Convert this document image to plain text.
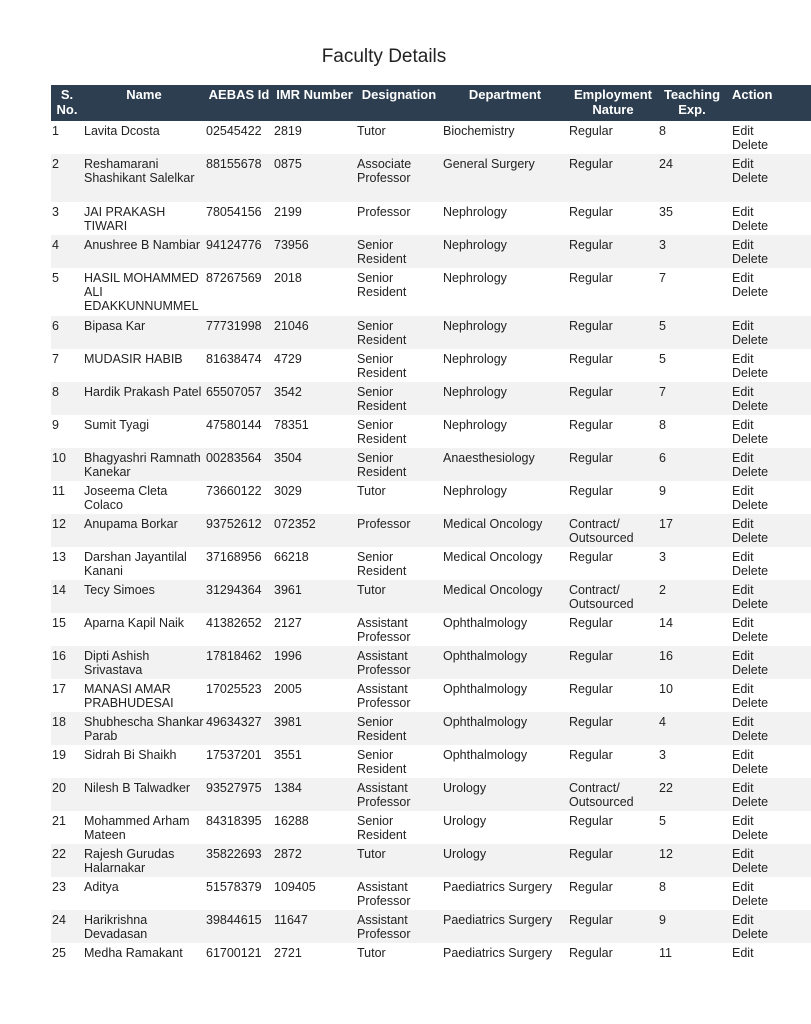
Faculty Details
S. No.	Name	AEBAS Id	IMR Number	Designation	Department	Employment Nature	Teaching Exp.	Action
1	Lavita Dcosta	02545422	2819	Tutor	Biochemistry	Regular	8	Edit
Delete

2	Reshamarani Shashikant Salelkar	88155678	0875	Associate Professor	General Surgery	Regular	24	Edit
Delete

3	JAI PRAKASH TIWARI	78054156	2199	Professor	Nephrology	Regular	35	Edit
Delete

4	Anushree B Nambiar	94124776	73956	Senior Resident	Nephrology	Regular	3	Edit
Delete

5	HASIL MOHAMMED ALI EDAKKUNNUMMEL	87267569	2018	Senior Resident	Nephrology	Regular	7	Edit
Delete

6	Bipasa Kar	77731998	21046	Senior Resident	Nephrology	Regular	5	Edit
Delete

7	MUDASIR HABIB	81638474	4729	Senior Resident	Nephrology	Regular	5	Edit
Delete

8	Hardik Prakash Patel	65507057	3542	Senior Resident	Nephrology	Regular	7	Edit
Delete

9	Sumit Tyagi	47580144	78351	Senior Resident	Nephrology	Regular	8	Edit
Delete

10	Bhagyashri Ramnath Kanekar	00283564	3504	Senior Resident	Anaesthesiology	Regular	6	Edit
Delete

11	Joseema Cleta Colaco	73660122	3029	Tutor	Nephrology	Regular	9	Edit
Delete

12	Anupama Borkar	93752612	072352	Professor	Medical Oncology	Contract/ Outsourced	17	Edit
Delete

13	Darshan Jayantilal Kanani	37168956	66218	Senior Resident	Medical Oncology	Regular	3	Edit
Delete

14	Tecy Simoes	31294364	3961	Tutor	Medical Oncology	Contract/ Outsourced	2	Edit
Delete

15	Aparna Kapil Naik	41382652	2127	Assistant Professor	Ophthalmology	Regular	14	Edit
Delete

16	Dipti Ashish Srivastava	17818462	1996	Assistant Professor	Ophthalmology	Regular	16	Edit
Delete

17	MANASI AMAR PRABHUDESAI	17025523	2005	Assistant Professor	Ophthalmology	Regular	10	Edit
Delete

18	Shubhescha Shankar Parab	49634327	3981	Senior Resident	Ophthalmology	Regular	4	Edit
Delete

19	Sidrah Bi Shaikh	17537201	3551	Senior Resident	Ophthalmology	Regular	3	Edit
Delete

20	Nilesh B Talwadker	93527975	1384	Assistant Professor	Urology	Contract/ Outsourced	22	Edit
Delete

21	Mohammed Arham Mateen	84318395	16288	Senior Resident	Urology	Regular	5	Edit
Delete

22	Rajesh Gurudas Halarnakar	35822693	2872	Tutor	Urology	Regular	12	Edit
Delete

23	Aditya	51578379	109405	Assistant Professor	Paediatrics Surgery	Regular	8	Edit
Delete

24	Harikrishna Devadasan	39844615	11647	Assistant Professor	Paediatrics Surgery	Regular	9	Edit
Delete

25	Medha Ramakant	61700121	2721	Tutor	Paediatrics Surgery	Regular	11	Edit
